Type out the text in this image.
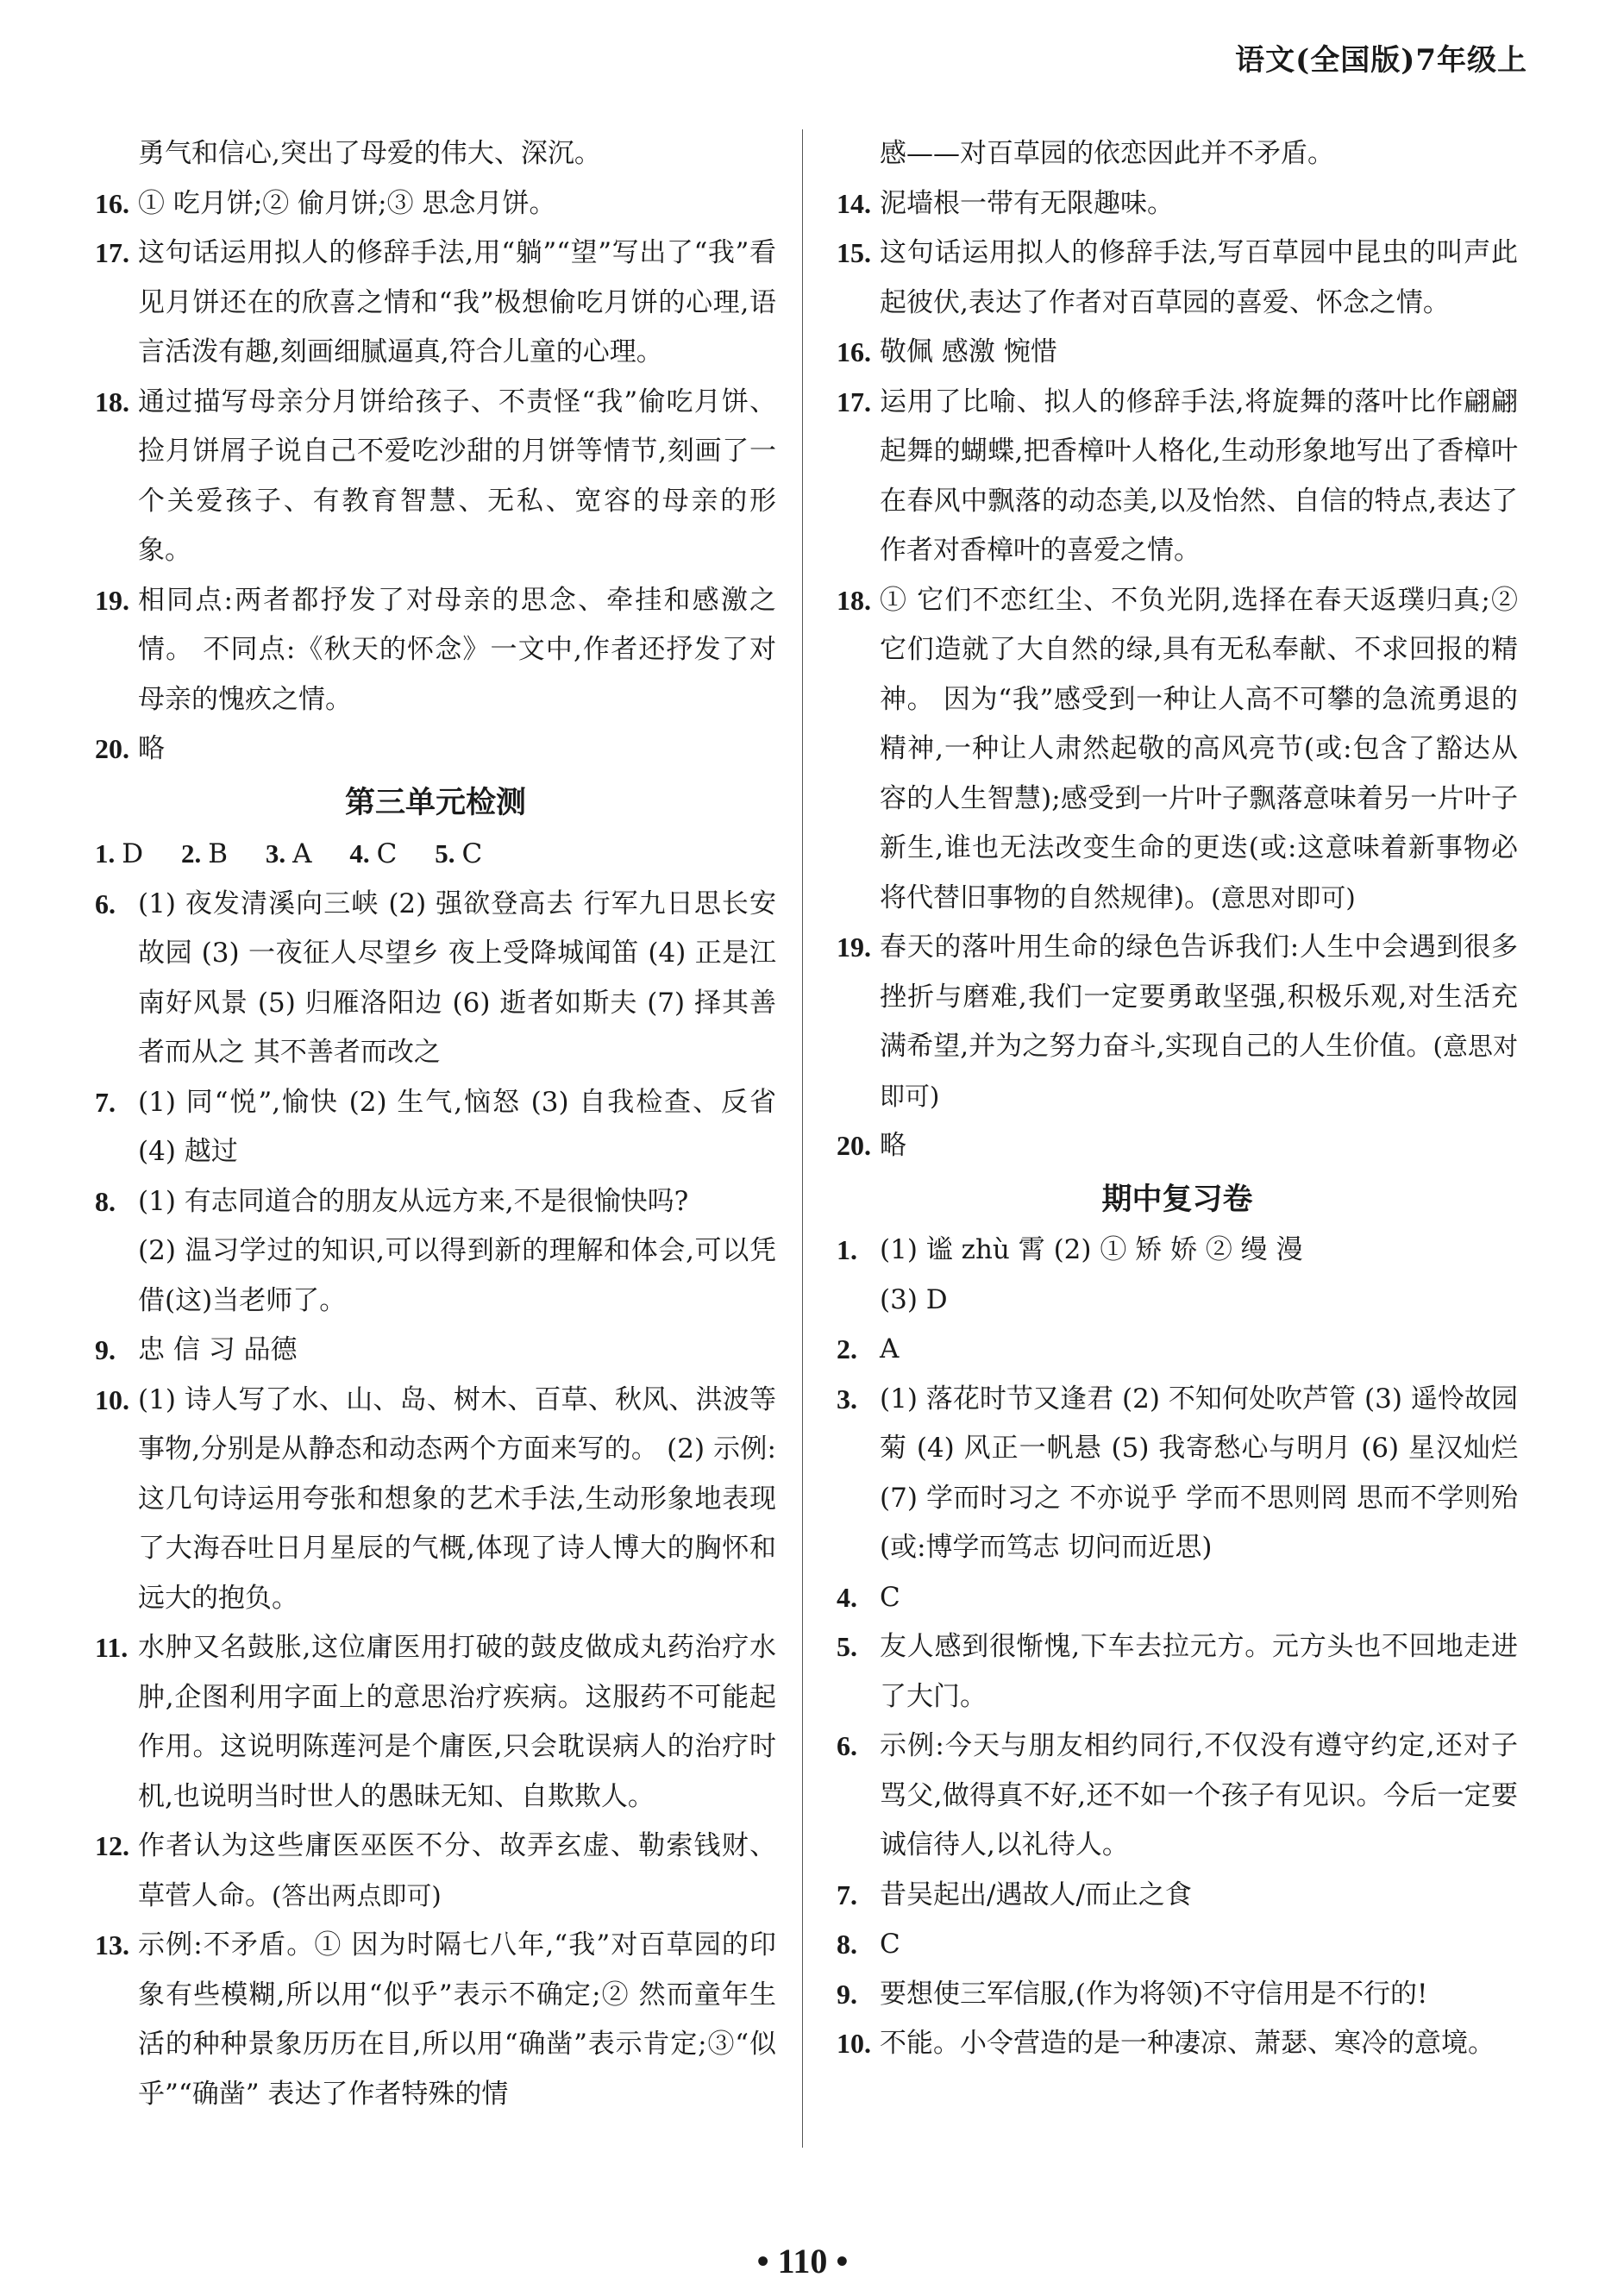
语文(全国版)7年级上
勇气和信心,突出了母爱的伟大、深沉。
16. ① 吃月饼;② 偷月饼;③ 思念月饼。
17. 这句话运用拟人的修辞手法,用“躺”“望”写出了“我”看见月饼还在的欣喜之情和“我”极想偷吃月饼的心理,语言活泼有趣,刻画细腻逼真,符合儿童的心理。
18. 通过描写母亲分月饼给孩子、不责怪“我”偷吃月饼、捡月饼屑子说自己不爱吃沙甜的月饼等情节,刻画了一个关爱孩子、有教育智慧、无私、宽容的母亲的形象。
19. 相同点:两者都抒发了对母亲的思念、牵挂和感激之情。 不同点:《秋天的怀念》一文中,作者还抒发了对母亲的愧疚之情。
20. 略
第三单元检测
1. D 2. B 3. A 4. C 5. C
6. (1) 夜发清溪向三峡 (2) 强欲登高去 行军九日思长安故园 (3) 一夜征人尽望乡 夜上受降城闻笛 (4) 正是江南好风景 (5) 归雁洛阳边 (6) 逝者如斯夫 (7) 择其善者而从之 其不善者而改之
7. (1) 同“悦”,愉快 (2) 生气,恼怒 (3) 自我检查、反省 (4) 越过
8. (1) 有志同道合的朋友从远方来,不是很愉快吗?
(2) 温习学过的知识,可以得到新的理解和体会,可以凭借(这)当老师了。
9. 忠 信 习 品德
10. (1) 诗人写了水、山、岛、树木、百草、秋风、洪波等事物,分别是从静态和动态两个方面来写的。 (2) 示例:这几句诗运用夸张和想象的艺术手法,生动形象地表现了大海吞吐日月星辰的气概,体现了诗人博大的胸怀和远大的抱负。
11. 水肿又名鼓胀,这位庸医用打破的鼓皮做成丸药治疗水肿,企图利用字面上的意思治疗疾病。这服药不可能起作用。这说明陈莲河是个庸医,只会耽误病人的治疗时机,也说明当时世人的愚昧无知、自欺欺人。
12. 作者认为这些庸医巫医不分、故弄玄虚、勒索钱财、草菅人命。(答出两点即可)
13. 示例:不矛盾。① 因为时隔七八年,“我”对百草园的印象有些模糊,所以用“似乎”表示不确定;② 然而童年生活的种种景象历历在目,所以用“确凿”表示肯定;③“似乎”“确凿” 表达了作者特殊的情
感——对百草园的依恋因此并不矛盾。
14. 泥墙根一带有无限趣味。
15. 这句话运用拟人的修辞手法,写百草园中昆虫的叫声此起彼伏,表达了作者对百草园的喜爱、怀念之情。
16. 敬佩 感激 惋惜
17. 运用了比喻、拟人的修辞手法,将旋舞的落叶比作翩翩起舞的蝴蝶,把香樟叶人格化,生动形象地写出了香樟叶在春风中飘落的动态美,以及怡然、自信的特点,表达了作者对香樟叶的喜爱之情。
18. ① 它们不恋红尘、不负光阴,选择在春天返璞归真;② 它们造就了大自然的绿,具有无私奉献、不求回报的精神。 因为“我”感受到一种让人高不可攀的急流勇退的精神,一种让人肃然起敬的高风亮节(或:包含了豁达从容的人生智慧);感受到一片叶子飘落意味着另一片叶子新生,谁也无法改变生命的更迭(或:这意味着新事物必将代替旧事物的自然规律)。(意思对即可)
19. 春天的落叶用生命的绿色告诉我们:人生中会遇到很多挫折与磨难,我们一定要勇敢坚强,积极乐观,对生活充满希望,并为之努力奋斗,实现自己的人生价值。(意思对即可)
20. 略
期中复习卷
1. (1) 谧 zhù 霄 (2) ① 矫 娇 ② 缦 漫
(3) D
2. A
3. (1) 落花时节又逢君 (2) 不知何处吹芦管 (3) 遥怜故园菊 (4) 风正一帆悬 (5) 我寄愁心与明月 (6) 星汉灿烂 (7) 学而时习之 不亦说乎 学而不思则罔 思而不学则殆(或:博学而笃志 切问而近思)
4. C
5. 友人感到很惭愧,下车去拉元方。元方头也不回地走进了大门。
6. 示例:今天与朋友相约同行,不仅没有遵守约定,还对子骂父,做得真不好,还不如一个孩子有见识。今后一定要诚信待人,以礼待人。
7. 昔吴起出/遇故人/而止之食
8. C
9. 要想使三军信服,(作为将领)不守信用是不行的!
10. 不能。小令营造的是一种凄凉、萧瑟、寒冷的意境。
• 110 •
